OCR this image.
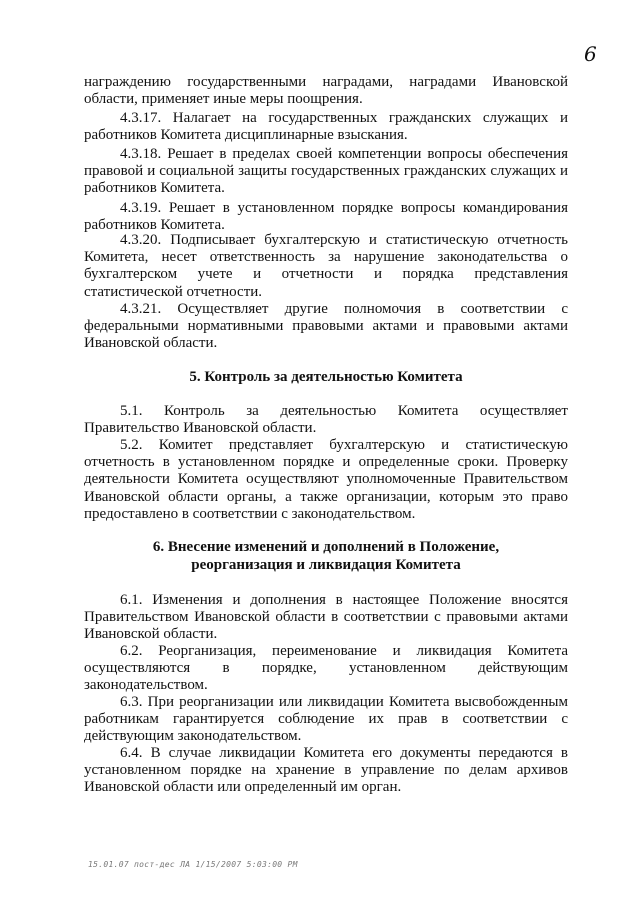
6
награждению государственными наградами, наградами Ивановской
области, применяет иные меры поощрения.
4.3.17. Налагает на государственных гражданских служащих и
работников Комитета дисциплинарные взыскания.
4.3.18. Решает в пределах своей компетенции вопросы обеспечения
правовой и социальной защиты государственных гражданских служащих и
работников Комитета.
4.3.19. Решает в установленном порядке вопросы командирования
работников Комитета.
4.3.20. Подписывает бухгалтерскую и статистическую отчетность
Комитета, несет ответственность за нарушение законодательства о
бухгалтерском учете и отчетности и порядка представления
статистической отчетности.
4.3.21. Осуществляет другие полномочия в соответствии с
федеральными нормативными правовыми актами и правовыми актами
Ивановской области.
5. Контроль за деятельностью Комитета
5.1. Контроль за деятельностью Комитета осуществляет
Правительство Ивановской области.
5.2. Комитет представляет бухгалтерскую и статистическую
отчетность в установленном порядке и определенные сроки. Проверку
деятельности Комитета осуществляют уполномоченные Правительством
Ивановской области органы, а также организации, которым это право
предоставлено в соответствии с законодательством.
6. Внесение изменений и дополнений в Положение,
реорганизация и ликвидация Комитета
6.1. Изменения и дополнения в настоящее Положение вносятся
Правительством Ивановской области в соответствии с правовыми актами
Ивановской области.
6.2. Реорганизация, переименование и ликвидация Комитета
осуществляются в порядке, установленном действующим
законодательством.
6.3. При реорганизации или ликвидации Комитета высвобожденным
работникам гарантируется соблюдение их прав в соответствии с
действующим законодательством.
6.4. В случае ликвидации Комитета его документы передаются в
установленном порядке на хранение в управление по делам архивов
Ивановской области или определенный им орган.
15.01.07 пост-дес ЛА 1/15/2007 5:03:00 PM
